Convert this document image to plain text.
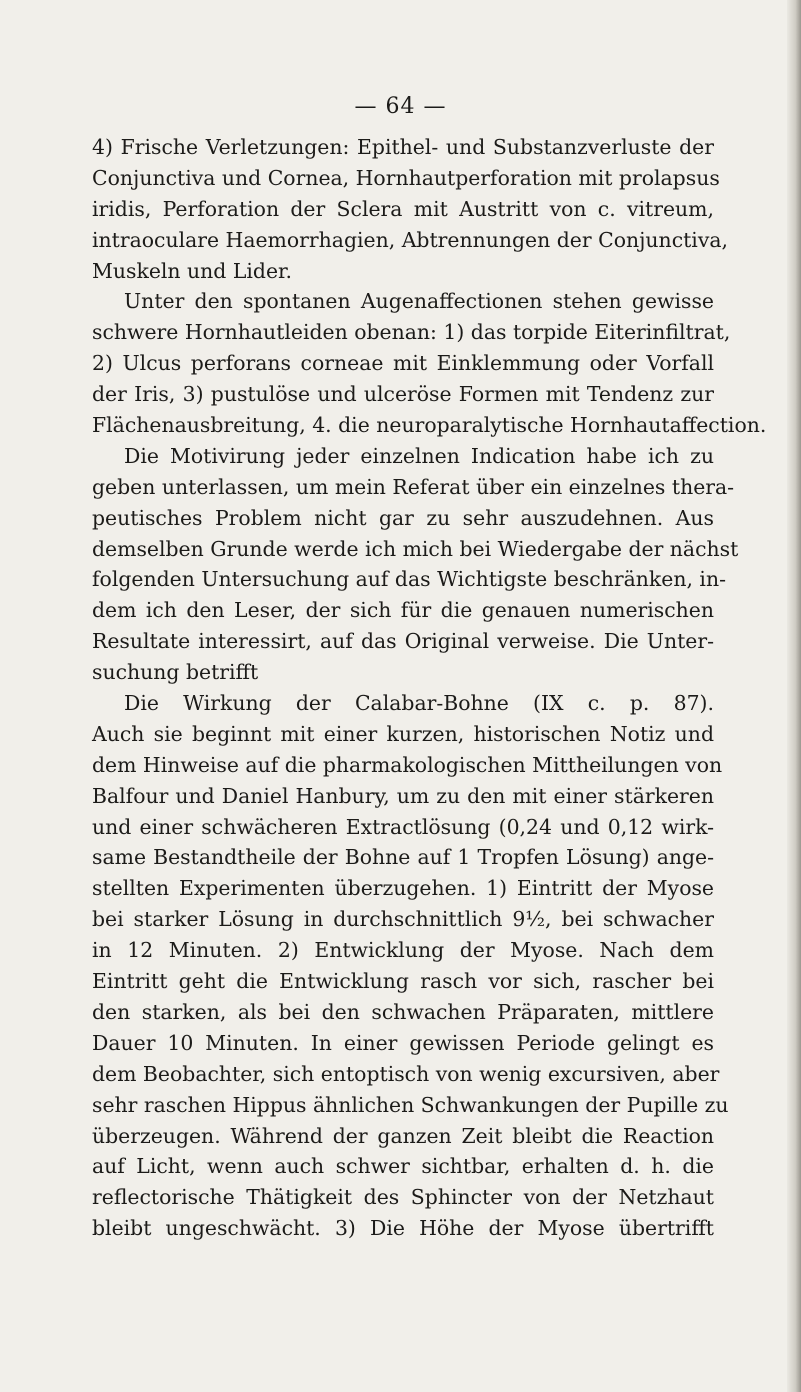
— 64 —
4) Frische Verletzungen: Epithel- und Substanzverluste der
Conjunctiva und Cornea, Hornhautperforation mit prolapsus
iridis, Perforation der Sclera mit Austritt von c. vitreum,
intraoculare Haemorrhagien, Abtrennungen der Conjunctiva,
Muskeln und Lider.
Unter den spontanen Augenaffectionen stehen gewisse
schwere Hornhautleiden obenan: 1) das torpide Eiterinfiltrat,
2) Ulcus perforans corneae mit Einklemmung oder Vorfall
der Iris, 3) pustulöse und ulceröse Formen mit Tendenz zur
Flächenausbreitung, 4. die neuroparalytische Hornhautaffection.
Die Motivirung jeder einzelnen Indication habe ich zu
geben unterlassen, um mein Referat über ein einzelnes thera-
peutisches Problem nicht gar zu sehr auszudehnen. Aus
demselben Grunde werde ich mich bei Wiedergabe der nächst
folgenden Untersuchung auf das Wichtigste beschränken, in-
dem ich den Leser, der sich für die genauen numerischen
Resultate interessirt, auf das Original verweise. Die Unter-
suchung betrifft
Die Wirkung der Calabar-Bohne (IX c. p. 87).
Auch sie beginnt mit einer kurzen, historischen Notiz und
dem Hinweise auf die pharmakologischen Mittheilungen von
Balfour und Daniel Hanbury, um zu den mit einer stärkeren
und einer schwächeren Extractlösung (0,24 und 0,12 wirk-
same Bestandtheile der Bohne auf 1 Tropfen Lösung) ange-
stellten Experimenten überzugehen. 1) Eintritt der Myose
bei starker Lösung in durchschnittlich 9½, bei schwacher
in 12 Minuten. 2) Entwicklung der Myose. Nach dem
Eintritt geht die Entwicklung rasch vor sich, rascher bei
den starken, als bei den schwachen Präparaten, mittlere
Dauer 10 Minuten. In einer gewissen Periode gelingt es
dem Beobachter, sich entoptisch von wenig excursiven, aber
sehr raschen Hippus ähnlichen Schwankungen der Pupille zu
überzeugen. Während der ganzen Zeit bleibt die Reaction
auf Licht, wenn auch schwer sichtbar, erhalten d. h. die
reflectorische Thätigkeit des Sphincter von der Netzhaut
bleibt ungeschwächt. 3) Die Höhe der Myose übertrifft
